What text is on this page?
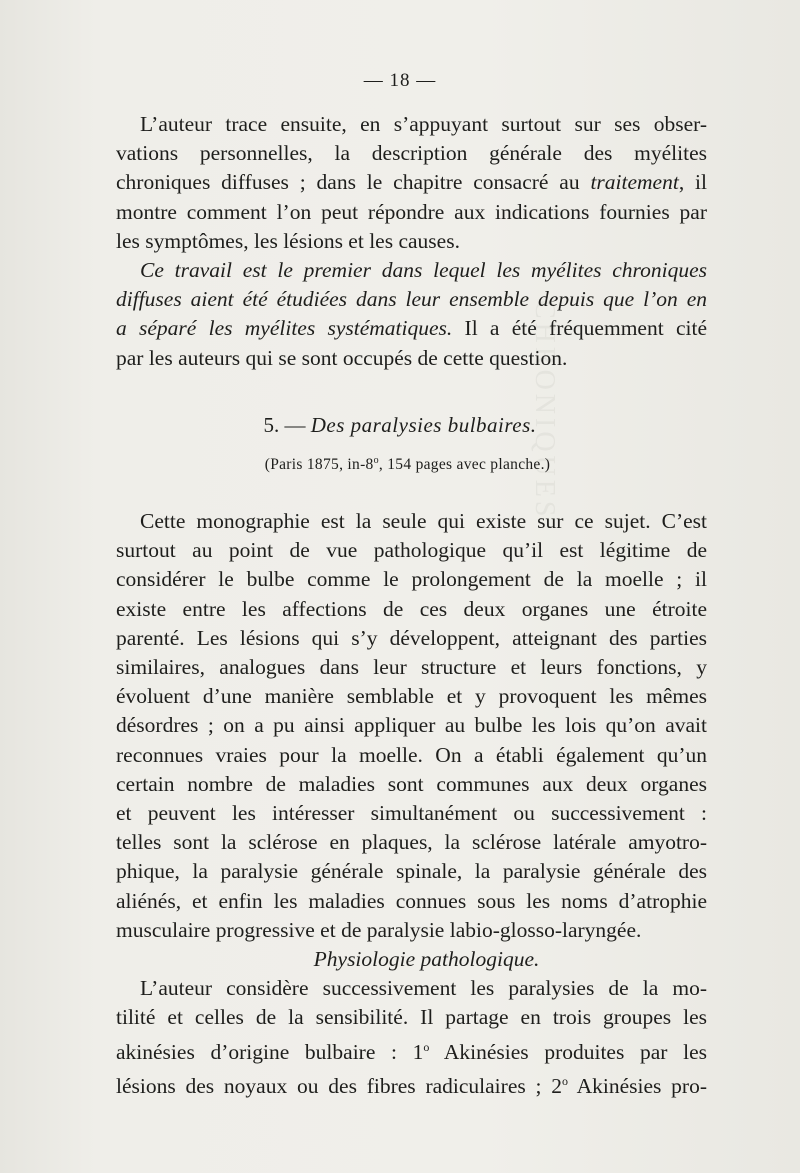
CHRONIQUES
— 18 —

L’auteur trace ensuite, en s’appuyant surtout sur ses obser-
vations personnelles, la description générale des myélites
chroniques diffuses ; dans le chapitre consacré au traitement, il
montre comment l’on peut répondre aux indications fournies par
les symptômes, les lésions et les causes.

Ce travail est le premier dans lequel les myélites chroniques
diffuses aient été étudiées dans leur ensemble depuis que l’on en
a séparé les myélites systématiques. Il a été fréquemment cité
par les auteurs qui se sont occupés de cette question.

5. — Des paralysies bulbaires.
(Paris 1875, in-8$^o$, 154 pages avec planche.)

Cette monographie est la seule qui existe sur ce sujet. C’est
surtout au point de vue pathologique qu’il est légitime de
considérer le bulbe comme le prolongement de la moelle ; il
existe entre les affections de ces deux organes une étroite
parenté. Les lésions qui s’y développent, atteignant des parties
similaires, analogues dans leur structure et leurs fonctions, y
évoluent d’une manière semblable et y provoquent les mêmes
désordres ; on a pu ainsi appliquer au bulbe les lois qu’on avait
reconnues vraies pour la moelle. On a établi également qu’un
certain nombre de maladies sont communes aux deux organes
et peuvent les intéresser simultanément ou successivement :
telles sont la sclérose en plaques, la sclérose latérale amyotro-
phique, la paralysie générale spinale, la paralysie générale des
aliénés, et enfin les maladies connues sous les noms d’atrophie
musculaire progressive et de paralysie labio-glosso-laryngée.

Physiologie pathologique.

L’auteur considère successivement les paralysies de la mo-
tilité et celles de la sensibilité. Il partage en trois groupes les
akinésies d’origine bulbaire : 1$^o$ Akinésies produites par les
lésions des noyaux ou des fibres radiculaires ; 2$^o$ Akinésies pro-
